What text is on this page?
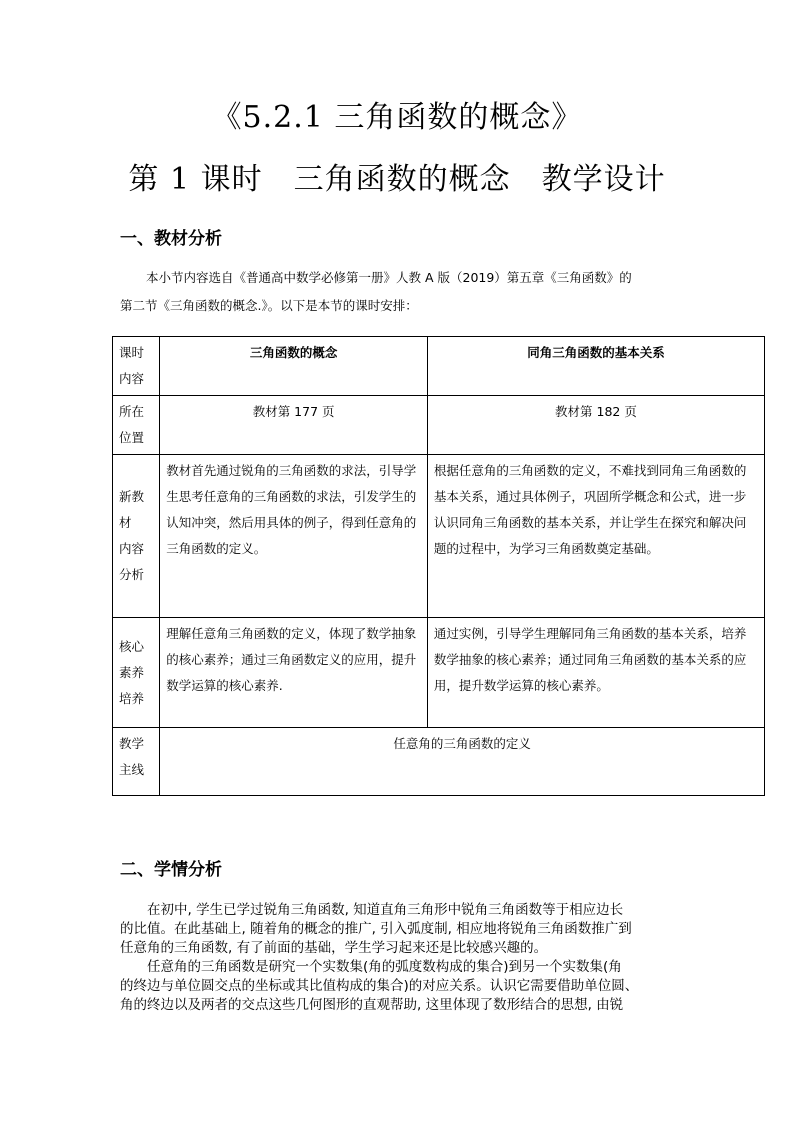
《5.2.1 三角函数的概念》
第 1 课时　三角函数的概念　教学设计
一、教材分析
本小节内容选自《普通高中数学必修第一册》人教 A 版（2019）第五章《三角函数》的
第二节《三角函数的概念.》。以下是本节的课时安排：
课时
内容	三角函数的概念	同角三角函数的基本关系
所在
位置	教材第 177 页	教材第 182 页
新教
材
内容
分析	教材首先通过锐角的三角函数的求法，引导学生思考任意角的三角函数的求法，引发学生的认知冲突，然后用具体的例子，得到任意角的三角函数的定义。	根据任意角的三角函数的定义，不难找到同角三角函数的基本关系，通过具体例子，巩固所学概念和公式，进一步认识同角三角函数的基本关系，并让学生在探究和解决问题的过程中，为学习三角函数奠定基础。
核心
素养
培养	理解任意角三角函数的定义，体现了数学抽象的核心素养；通过三角函数定义的应用，提升数学运算的核心素养.	通过实例，引导学生理解同角三角函数的基本关系，培养数学抽象的核心素养；通过同角三角函数的基本关系的应用，提升数学运算的核心素养。
教学
主线	任意角的三角函数的定义	
二、学情分析
　　在初中, 学生已学过锐角三角函数, 知道直角三角形中锐角三角函数等于相应边长
的比值。在此基础上, 随着角的概念的推广, 引入弧度制, 相应地将锐角三角函数推广到
任意角的三角函数, 有了前面的基础，学生学习起来还是比较感兴趣的。
　　任意角的三角函数是研究一个实数集(角的弧度数构成的集合)到另一个实数集(角
的终边与单位圆交点的坐标或其比值构成的集合)的对应关系。认识它需要借助单位圆、
角的终边以及两者的交点这些几何图形的直观帮助, 这里体现了数形结合的思想, 由锐
